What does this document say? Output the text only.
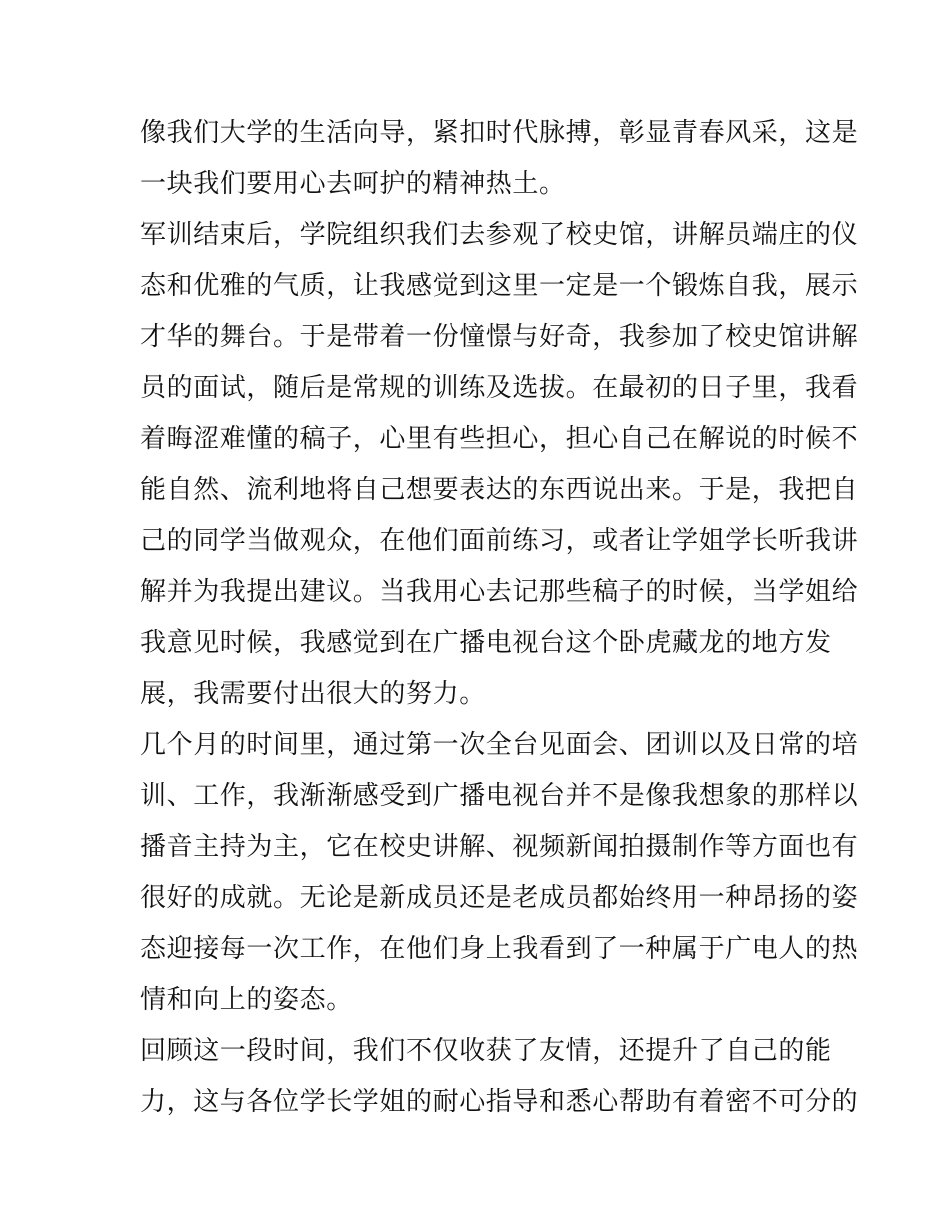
像我们大学的生活向导，紧扣时代脉搏，彰显青春风采，这是
一块我们要用心去呵护的精神热土。
军训结束后，学院组织我们去参观了校史馆，讲解员端庄的仪
态和优雅的气质，让我感觉到这里一定是一个锻炼自我，展示
才华的舞台。于是带着一份憧憬与好奇，我参加了校史馆讲解
员的面试，随后是常规的训练及选拔。在最初的日子里，我看
着晦涩难懂的稿子，心里有些担心，担心自己在解说的时候不
能自然、流利地将自己想要表达的东西说出来。于是，我把自
己的同学当做观众，在他们面前练习，或者让学姐学长听我讲
解并为我提出建议。当我用心去记那些稿子的时候，当学姐给
我意见时候，我感觉到在广播电视台这个卧虎藏龙的地方发
展，我需要付出很大的努力。
几个月的时间里，通过第一次全台见面会、团训以及日常的培
训、工作，我渐渐感受到广播电视台并不是像我想象的那样以
播音主持为主，它在校史讲解、视频新闻拍摄制作等方面也有
很好的成就。无论是新成员还是老成员都始终用一种昂扬的姿
态迎接每一次工作，在他们身上我看到了一种属于广电人的热
情和向上的姿态。
回顾这一段时间，我们不仅收获了友情，还提升了自己的能
力，这与各位学长学姐的耐心指导和悉心帮助有着密不可分的
